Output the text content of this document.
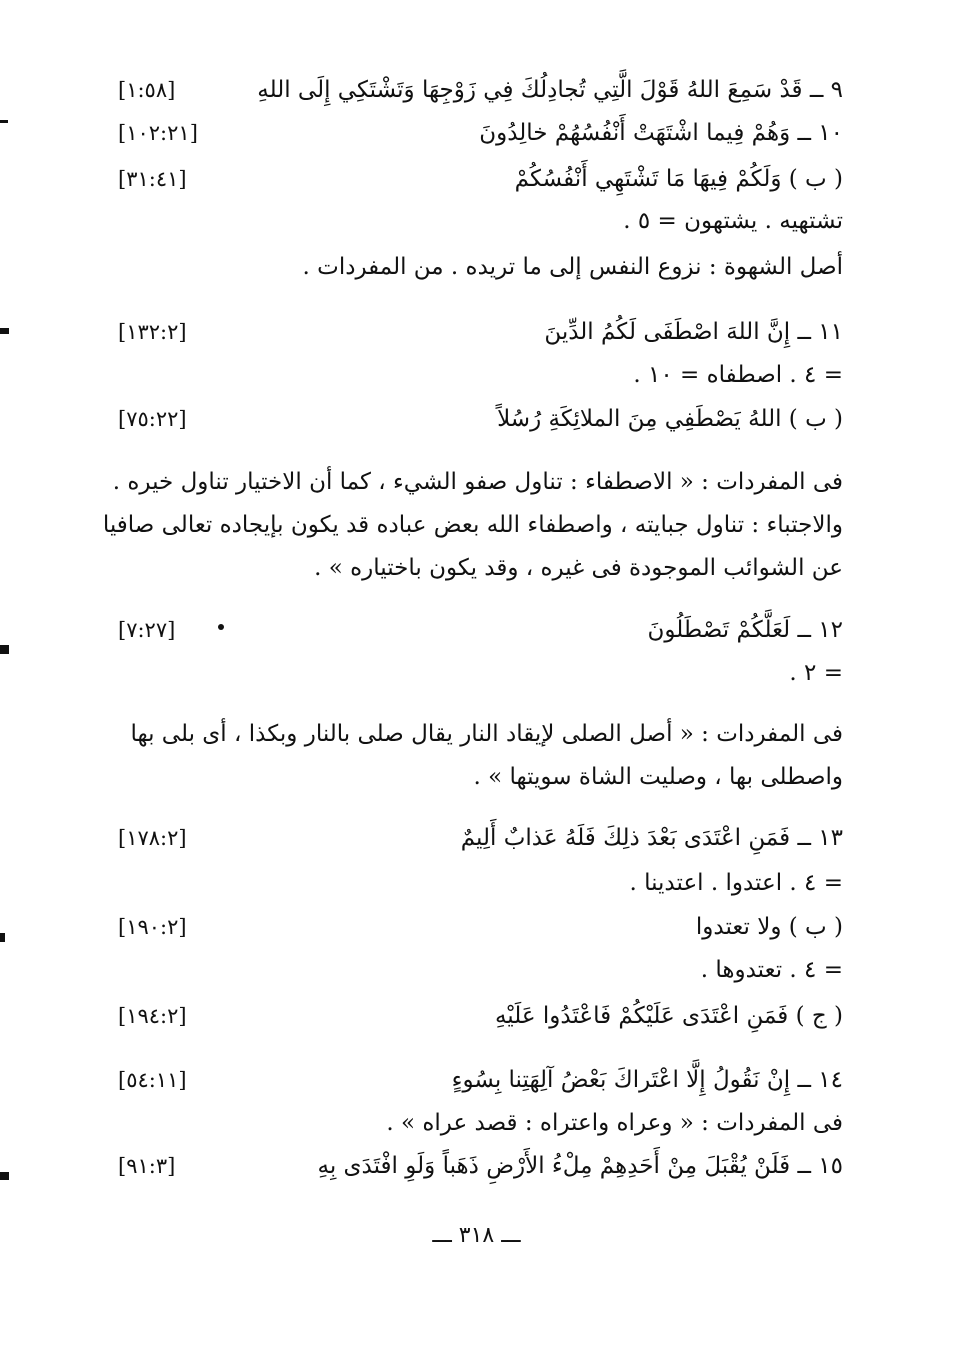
٩ ــ قَدْ سَمِعَ اللهُ قَوْلَ الَّتِي تُجادِلُكَ فِي زَوْجِهَا وَتَشْتَكِي إِلَى اللهِ
[١:٥٨]
١٠ ــ وَهُمْ فِيما اشْتَهَتْ أَنْفُسُهُمْ خالِدُونَ
[١٠٢:٢١]
( ب ) وَلَكُمْ فِيهَا مَا تَشْتَهِي أَنْفُسُكُمْ
[٣١:٤١]
تشتهيه . يشتهون = ٥ .
أصل الشهوة : نزوع النفس إلى ما تريده . من المفردات .
١١ ــ إِنَّ اللهَ اصْطَفَى لَكُمُ الدِّينَ
[١٣٢:٢]
= ٤ . اصطفاه = ١٠ .
( ب ) اللهُ يَصْطَفِي مِنَ الملائِكَةِ رُسُلاً
[٧٥:٢٢]
فى المفردات : « الاصطفاء : تناول صفو الشيء ، كما أن الاختيار تناول خيره .
والاجتباء : تناول جبايته ، واصطفاء الله بعض عباده قد يكون بإيجاده تعالى صافيا
عن الشوائب الموجودة فى غيره ، وقد يكون باختياره » .
١٢ ــ لَعَلَّكُمْ تَصْطَلُونَ
[٧:٢٧]
= ٢ .
فى المفردات : « أصل الصلى لإيقاد النار يقال صلى بالنار وبكذا ، أى بلى بها
واصطلى بها ، وصليت الشاة سويتها » .
١٣ ــ فَمَنِ اعْتَدَى بَعْدَ ذلِكَ فَلَهُ عَذابٌ أَلِيمٌ
[١٧٨:٢]
= ٤ . اعتدوا . اعتدينا .
( ب ) ولا تعتدوا
[١٩٠:٢]
= ٤ . تعتدوها .
( ج ) فَمَنِ اعْتَدَى عَلَيْكُمْ فَاعْتَدُوا عَلَيْهِ
[١٩٤:٢]
١٤ ــ إِنْ نَقُولُ إِلَّا اعْتَراكَ بَعْضُ آلِهَتِنا بِسُوءٍ
[٥٤:١١]
فى المفردات : « وعراه واعتراه : قصد عراه » .
١٥ ــ فَلَنْ يُقْبَلَ مِنْ أَحَدِهِمْ مِلْءُ الأَرْضِ ذَهَباً وَلَوِ افْتَدَى بِهِ
[٩١:٣]
ـــ ٣١٨ ـــ
